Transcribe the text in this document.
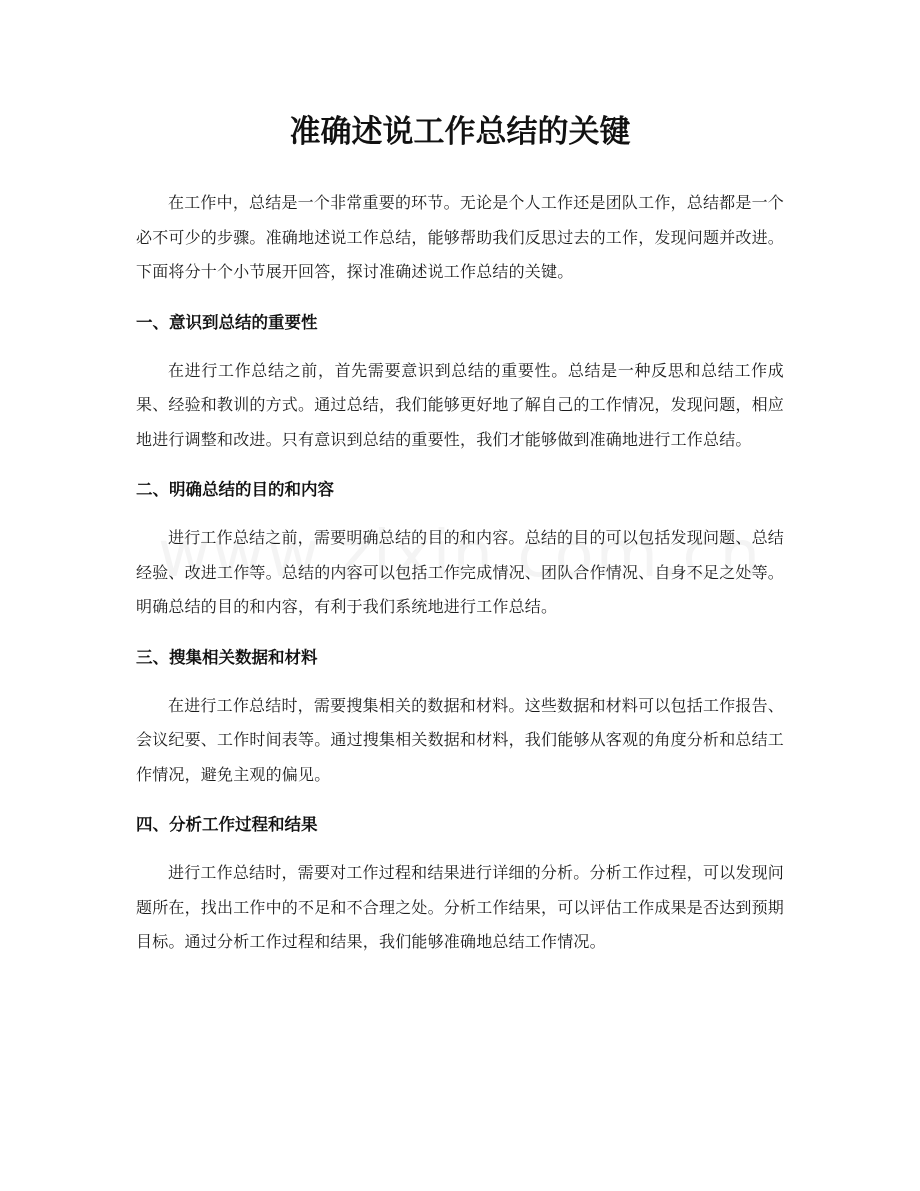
准确述说工作总结的关键

在工作中，总结是一个非常重要的环节。无论是个人工作还是团队工作，总结都是一个必不可少的步骤。准确地述说工作总结，能够帮助我们反思过去的工作，发现问题并改进。下面将分十个小节展开回答，探讨准确述说工作总结的关键。

一、意识到总结的重要性

在进行工作总结之前，首先需要意识到总结的重要性。总结是一种反思和总结工作成果、经验和教训的方式。通过总结，我们能够更好地了解自己的工作情况，发现问题，相应地进行调整和改进。只有意识到总结的重要性，我们才能够做到准确地进行工作总结。

二、明确总结的目的和内容

进行工作总结之前，需要明确总结的目的和内容。总结的目的可以包括发现问题、总结经验、改进工作等。总结的内容可以包括工作完成情况、团队合作情况、自身不足之处等。明确总结的目的和内容，有利于我们系统地进行工作总结。

三、搜集相关数据和材料

在进行工作总结时，需要搜集相关的数据和材料。这些数据和材料可以包括工作报告、会议纪要、工作时间表等。通过搜集相关数据和材料，我们能够从客观的角度分析和总结工作情况，避免主观的偏见。

四、分析工作过程和结果

进行工作总结时，需要对工作过程和结果进行详细的分析。分析工作过程，可以发现问题所在，找出工作中的不足和不合理之处。分析工作结果，可以评估工作成果是否达到预期目标。通过分析工作过程和结果，我们能够准确地总结工作情况。
